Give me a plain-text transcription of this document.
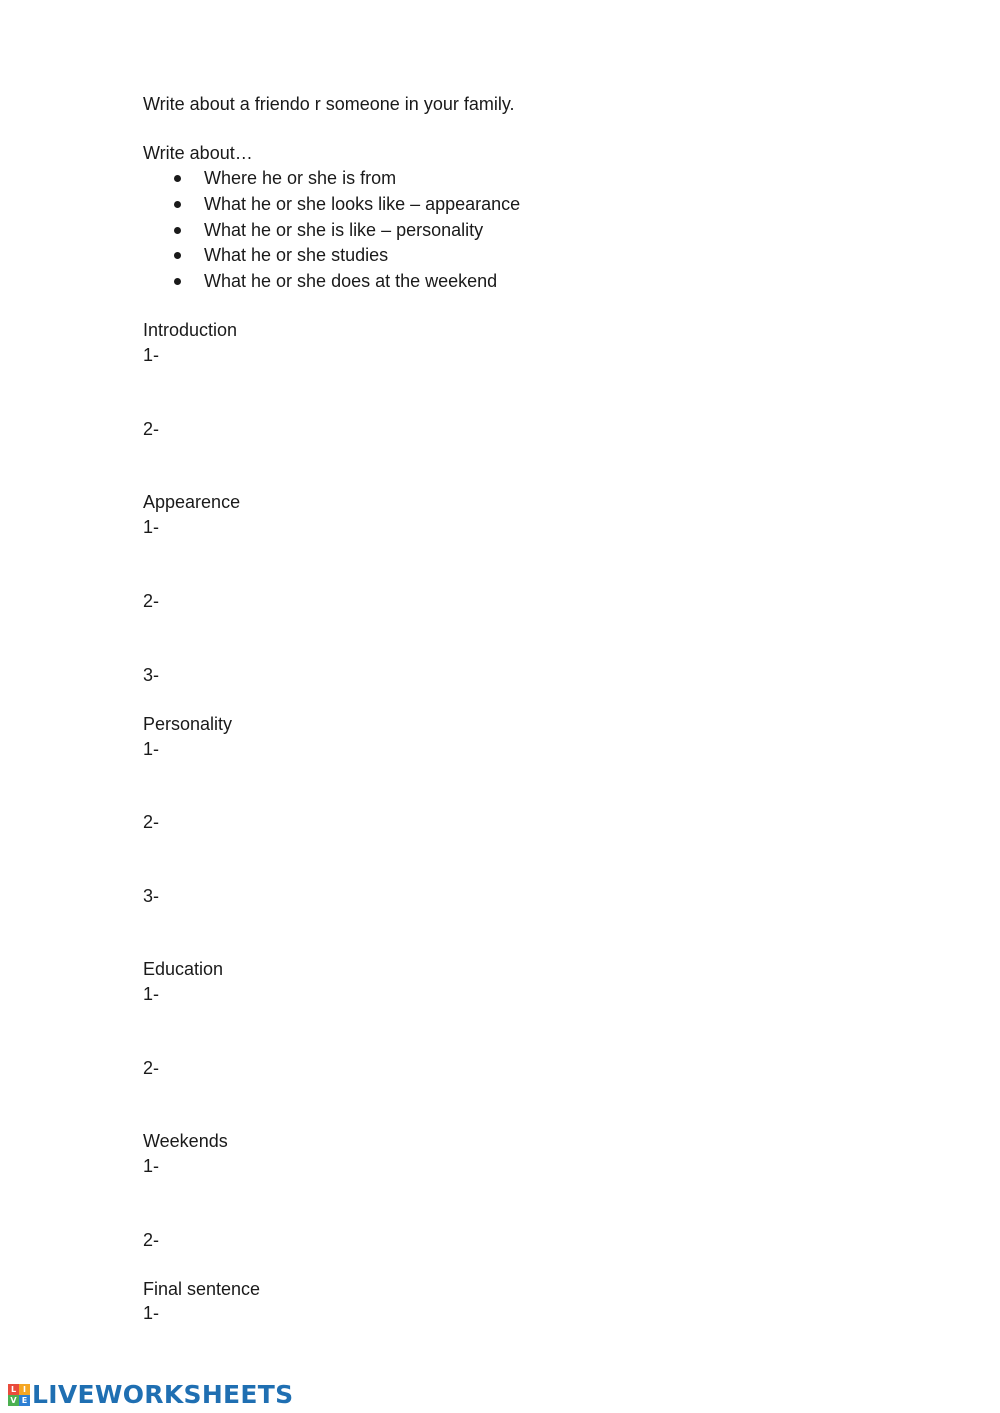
Write about a friendo r someone in your family.
Write about…
Where he or she is from
What he or she looks like – appearance
What he or she is like – personality
What he or she studies
What he or she does at the weekend
Introduction
1-
2-
Appearence
1-
2-
3-
Personality
1-
2-
3-
Education
1-
2-
Weekends
1-
2-
Final sentence
1-
L I
V E LIVEWORKSHEETS
